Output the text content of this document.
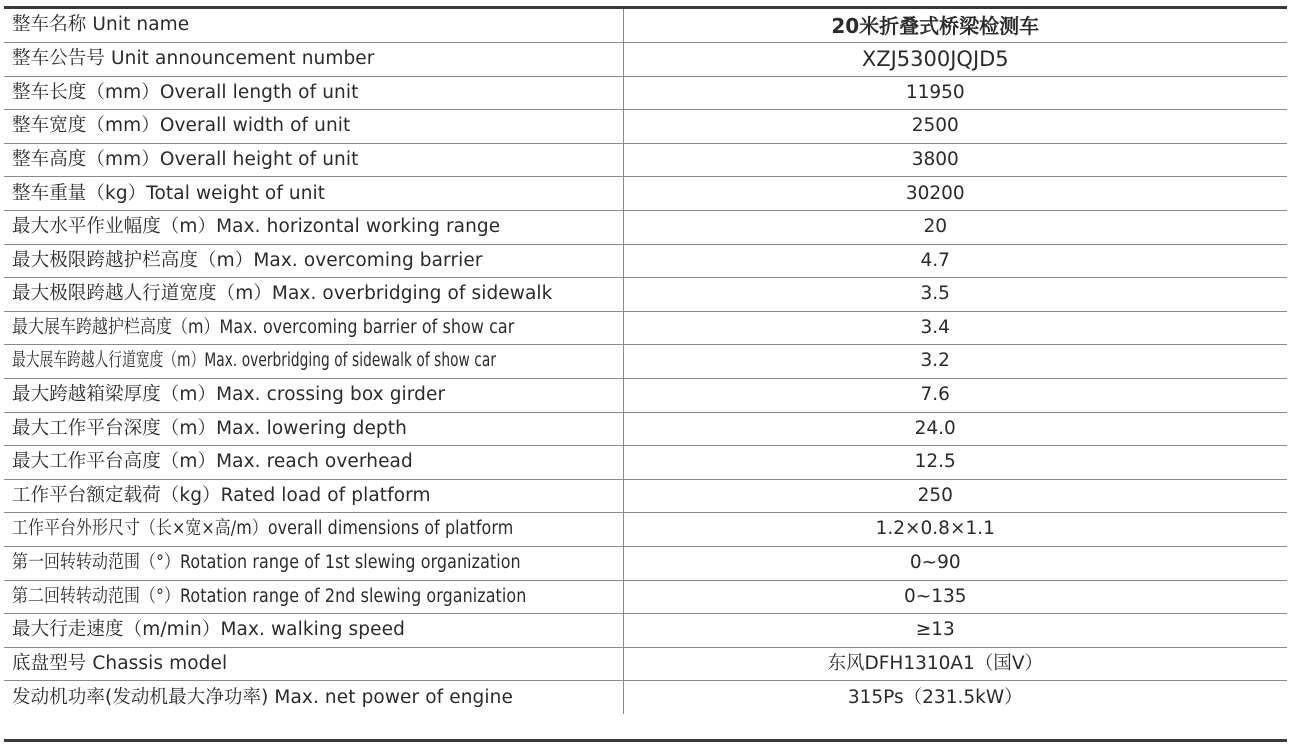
整车名称 Unit name	20米折叠式桥梁检测车
整车公告号 Unit announcement number	XZJ5300JQJD5
整车长度（mm）Overall length of unit	11950
整车宽度（mm）Overall width of unit	2500
整车高度（mm）Overall height of unit	3800
整车重量（kg）Total weight of unit	30200
最大水平作业幅度（m）Max. horizontal working range	20
最大极限跨越护栏高度（m）Max. overcoming barrier	4.7
最大极限跨越人行道宽度（m）Max. overbridging of sidewalk	3.5
最大展车跨越护栏高度（m）Max. overcoming barrier of show car	3.4
最大展车跨越人行道宽度（m）Max. overbridging of sidewalk of show car	3.2
最大跨越箱梁厚度（m）Max. crossing box girder	7.6
最大工作平台深度（m）Max. lowering depth	24.0
最大工作平台高度（m）Max. reach overhead	12.5
工作平台额定载荷（kg）Rated load of platform	250
工作平台外形尺寸（长×宽×高/m）overall dimensions of platform	1.2×0.8×1.1
第一回转转动范围（°）Rotation range of 1st slewing organization	0~90
第二回转转动范围（°）Rotation range of 2nd slewing organization	0~135
最大行走速度（m/min）Max. walking speed	≥13
底盘型号 Chassis model	东风DFH1310A1（国V）
发动机功率(发动机最大净功率) Max. net power of engine	315Ps（231.5kW）
